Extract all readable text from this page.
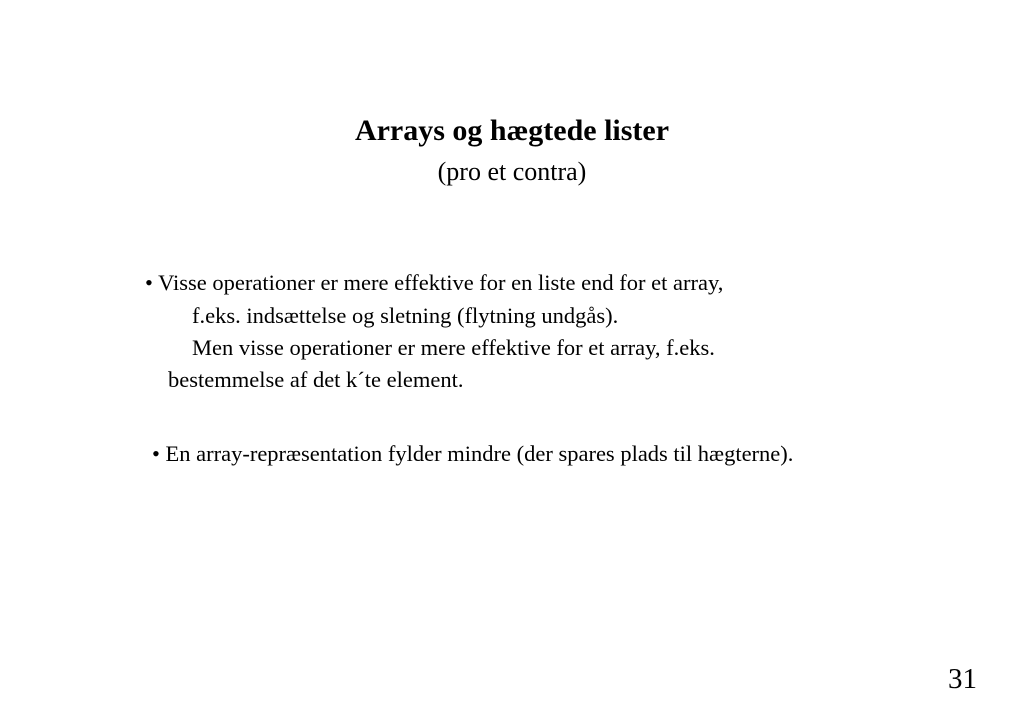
Arrays og hægtede lister
(pro et contra)
• Visse operationer er mere effektive for en liste end for et array,
f.eks. indsættelse og sletning (flytning undgås).
Men visse operationer er mere effektive for et array, f.eks.
bestemmelse af det k´te element.
• En array-repræsentation fylder mindre (der spares plads til hægterne).
31
